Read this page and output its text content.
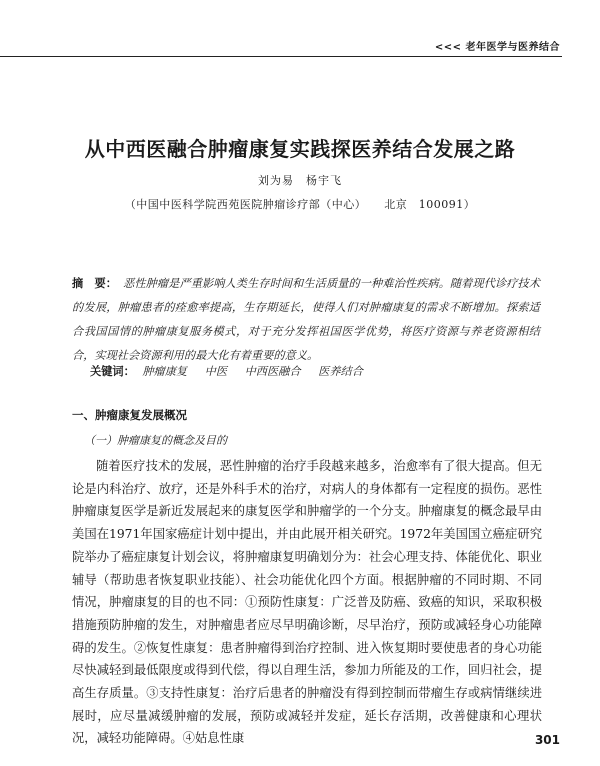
<<< 老年医学与医养结合
从中西医融合肿瘤康复实践探医养结合发展之路
刘为易　杨宇飞
（中国中医科学院西苑医院肿瘤诊疗部（中心） 北京　100091）
摘　要： 恶性肿瘤是严重影响人类生存时间和生活质量的一种难治性疾病。随着现代诊疗技术的发展，肿瘤患者的痊愈率提高，生存期延长，使得人们对肿瘤康复的需求不断增加。探索适合我国国情的肿瘤康复服务模式，对于充分发挥祖国医学优势，将医疗资源与养老资源相结合，实现社会资源利用的最大化有着重要的意义。
关键词： 肿瘤康复 中医 中西医融合 医养结合
一、肿瘤康复发展概况
（一）肿瘤康复的概念及目的
随着医疗技术的发展，恶性肿瘤的治疗手段越来越多，治愈率有了很大提高。但无论是内科治疗、放疗，还是外科手术的治疗，对病人的身体都有一定程度的损伤。恶性肿瘤康复医学是新近发展起来的康复医学和肿瘤学的一个分支。肿瘤康复的概念最早由美国在1971年国家癌症计划中提出，并由此展开相关研究。1972年美国国立癌症研究院举办了癌症康复计划会议，将肿瘤康复明确划分为：社会心理支持、体能优化、职业辅导（帮助患者恢复职业技能）、社会功能优化四个方面。根据肿瘤的不同时期、不同情况，肿瘤康复的目的也不同：①预防性康复：广泛普及防癌、致癌的知识，采取积极措施预防肿瘤的发生，对肿瘤患者应尽早明确诊断，尽早治疗，预防或减轻身心功能障碍的发生。②恢复性康复：患者肿瘤得到治疗控制、进入恢复期时要使患者的身心功能尽快减轻到最低限度或得到代偿，得以自理生活，参加力所能及的工作，回归社会，提高生存质量。③支持性康复：治疗后患者的肿瘤没有得到控制而带瘤生存或病情继续进展时，应尽量减缓肿瘤的发展，预防或减轻并发症，延长存活期，改善健康和心理状况，减轻功能障碍。④姑息性康	301
